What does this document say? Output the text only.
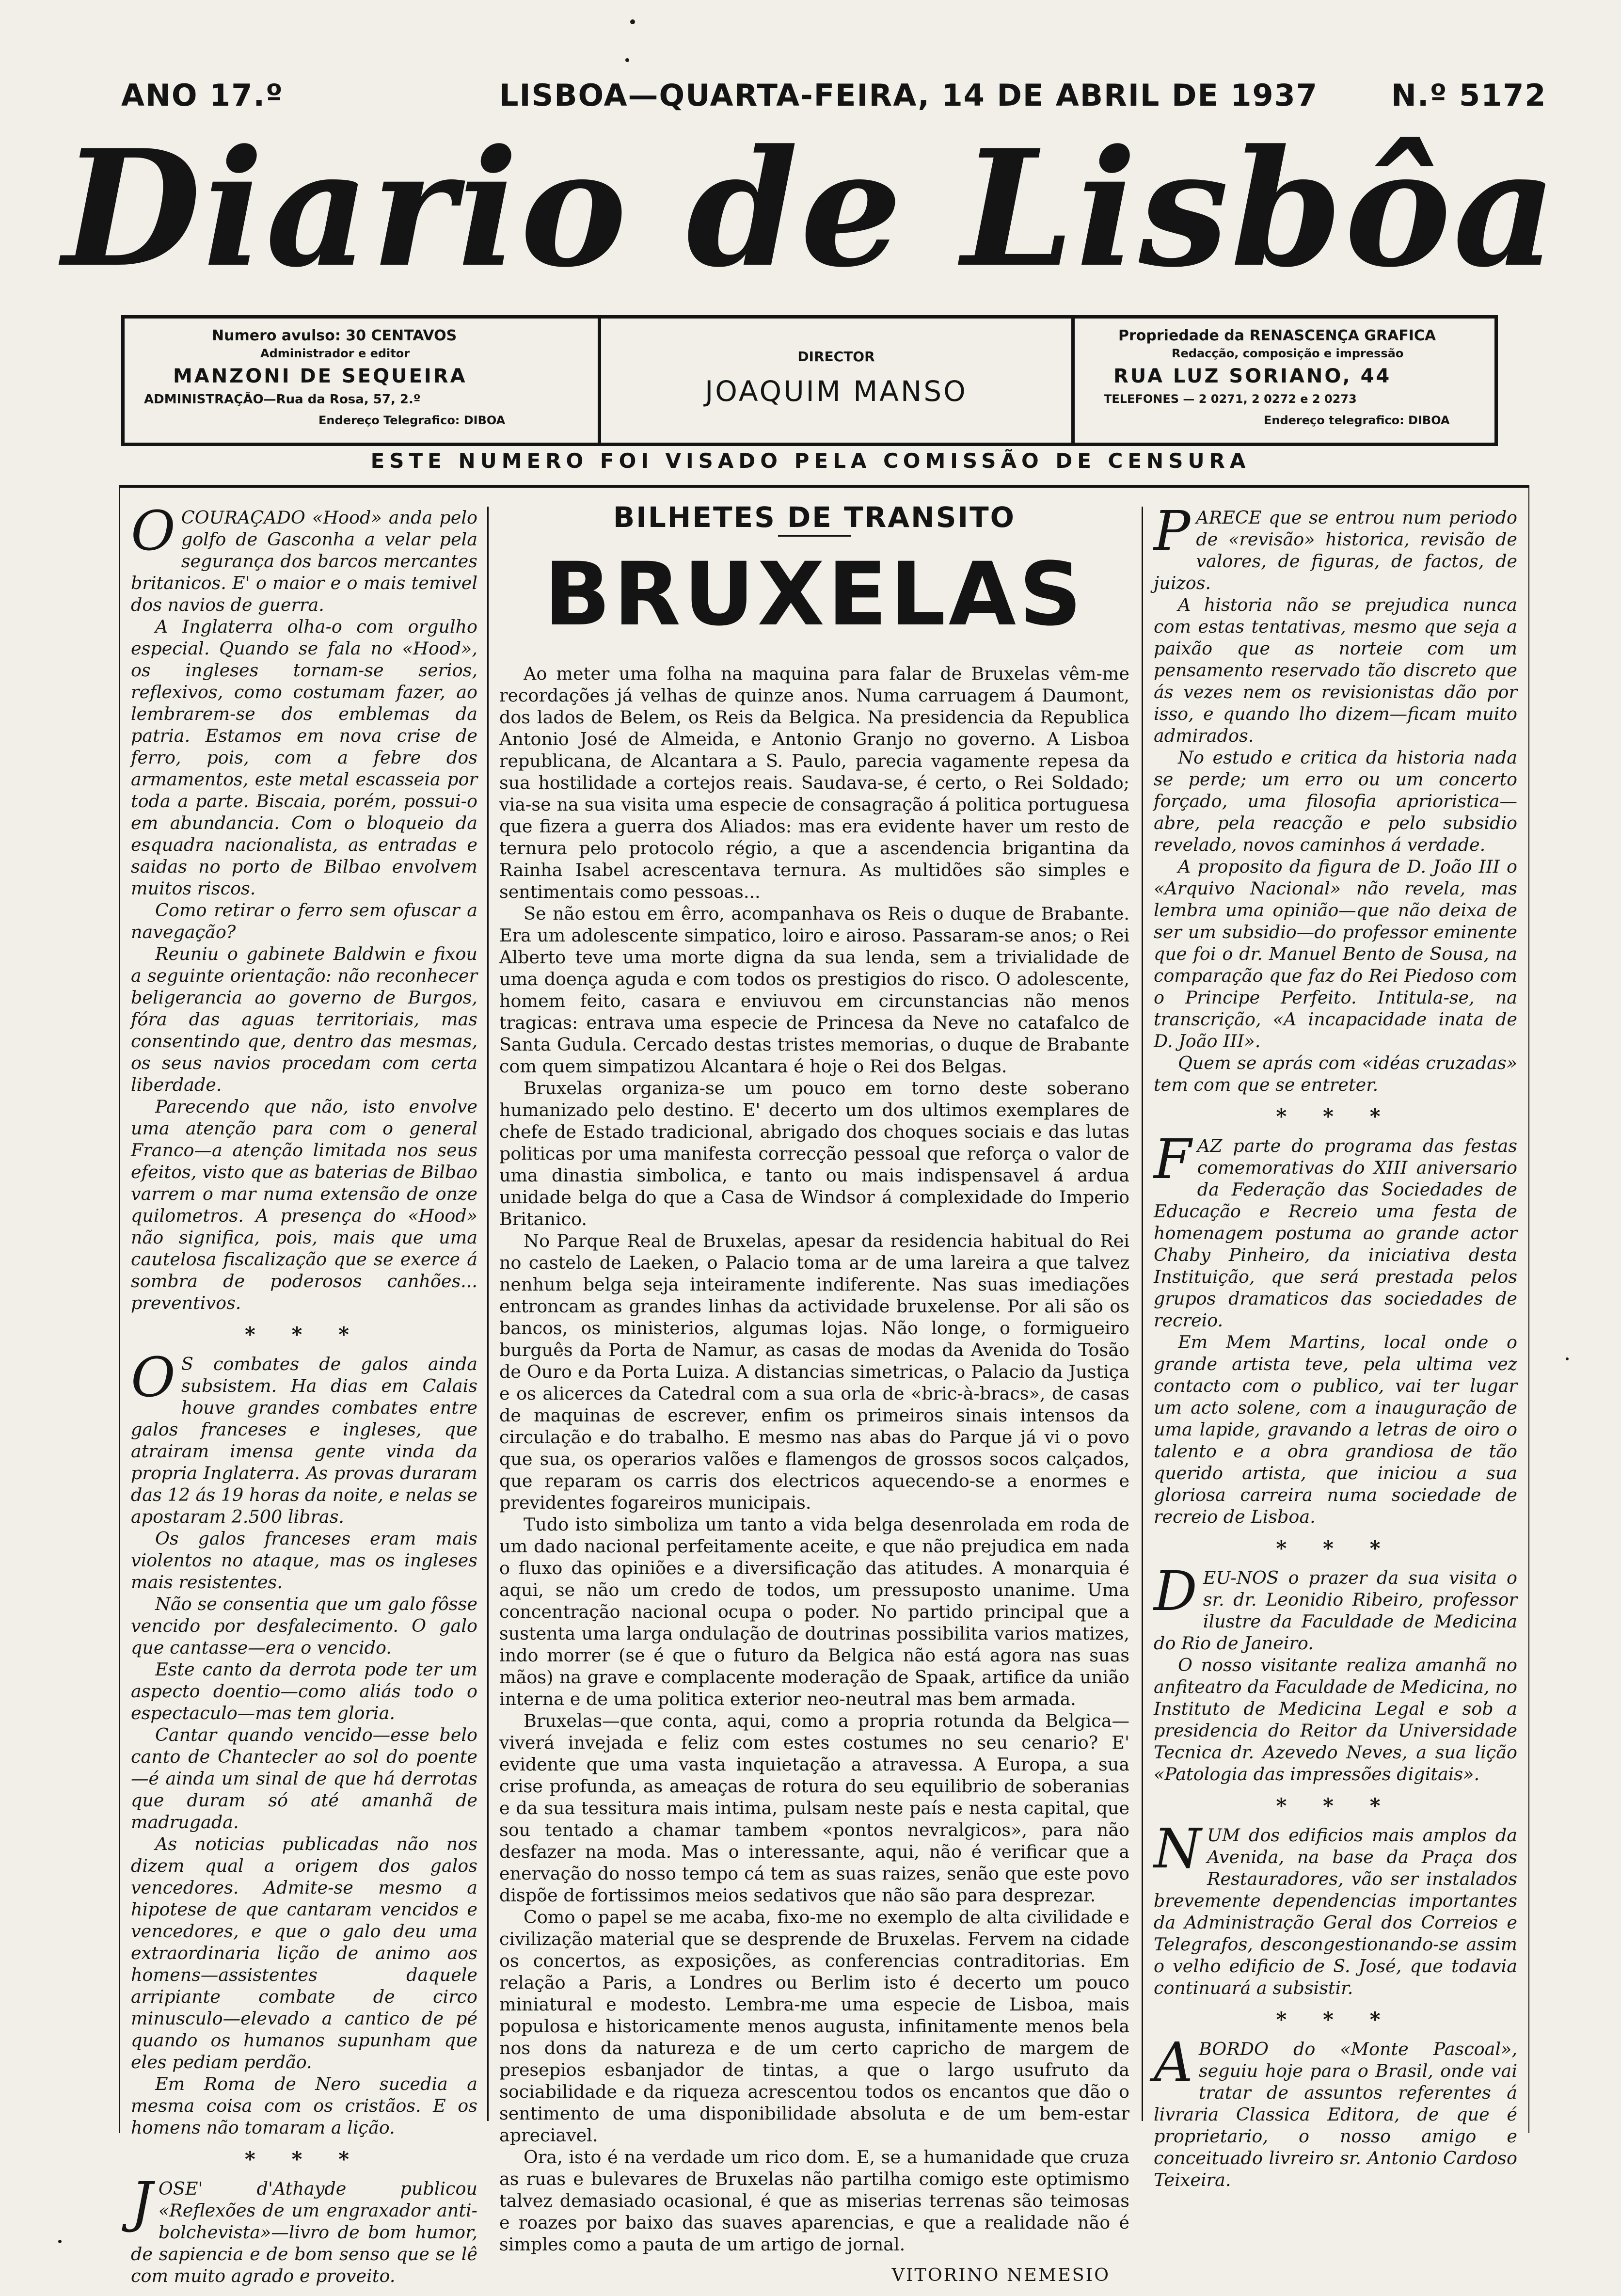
ANO 17.º	LISBOA—QUARTA-FEIRA, 14 DE ABRIL DE 1937 N.º 5172
Diario de Lisbôa
Numero avulso: 30 CENTAVOS
Administrador e editor
MANZONI DE SEQUEIRA
ADMINISTRAÇÃO—Rua da Rosa, 57, 2.º
Endereço Telegrafico: DIBOA
DIRECTOR
JOAQUIM MANSO
Propriedade da RENASCENÇA GRAFICA
Redacção, composição e impressão
RUA LUZ SORIANO, 44
TELEFONES — 2 0271, 2 0272 e 2 0273
Endereço telegrafico: DIBOA
ESTE NUMERO FOI VISADO PELA COMISSÃO DE CENSURA

OCOURAÇADO «Hood» anda pelo golfo de Gasconha a velar pela segurança dos barcos mercantes britanicos. E' o maior e o mais temivel dos navios de guerra.

A Inglaterra olha-o com orgulho especial. Quando se fala no «Hood», os ingleses tornam-se serios, reflexivos, como costumam fazer, ao lembrarem-se dos emblemas da patria. Estamos em nova crise de ferro, pois, com a febre dos armamentos, este metal escasseia por toda a parte. Biscaia, porém, possui-o em abundancia. Com o bloqueio da esquadra nacionalista, as entradas e saidas no porto de Bilbao envolvem muitos riscos.

Como retirar o ferro sem ofuscar a navegação?

Reuniu o gabinete Baldwin e fixou a seguinte orientação: não reconhecer beligerancia ao governo de Burgos, fóra das aguas territoriais, mas consentindo que, dentro das mesmas, os seus navios procedam com certa liberdade.

Parecendo que não, isto envolve uma atenção para com o general Franco—a atenção limitada nos seus efeitos, visto que as baterias de Bilbao varrem o mar numa extensão de onze quilometros. A presença do «Hood» não significa, pois, mais que uma cautelosa fiscalização que se exerce á sombra de poderosos canhões... preventivos.

* * *

O S combates de galos ainda subsistem. Ha dias em Calais houve grandes combates entre galos franceses e ingleses, que atrairam imensa gente vinda da propria Inglaterra. As provas duraram das 12 ás 19 horas da noite, e nelas se apostaram 2.500 libras.

Os galos franceses eram mais violentos no ataque, mas os ingleses mais resistentes.

Não se consentia que um galo fôsse vencido por desfalecimento. O galo que cantasse—era o vencido.

Este canto da derrota pode ter um aspecto doentio—como aliás todo o espectaculo—mas tem gloria.

Cantar quando vencido—esse belo canto de Chantecler ao sol do poente —é ainda um sinal de que há derrotas que duram só até amanhã de madrugada.

As noticias publicadas não nos dizem qual a origem dos galos vencedores. Admite-se mesmo a hipotese de que cantaram vencidos e vencedores, e que o galo deu uma extraordinaria lição de animo aos homens—assistentes daquele arripiante combate de circo minusculo—elevado a cantico de pé quando os humanos supunham que eles pediam perdão.

Em Roma de Nero sucedia a mesma coisa com os cristãos. E os homens não tomaram a lição.

* * *

JOSE' d'Athayde publicou «Reflexões de um engraxador anti-bolchevista»—livro de bom humor, de sapiencia e de bom senso que se lê com muito agrado e proveito.

BILHETES DE TRANSITO
BRUXELAS

Ao meter uma folha na maquina para falar de Bruxelas vêm-me recordações já velhas de quinze anos. Numa carruagem á Daumont, dos lados de Belem, os Reis da Belgica. Na presidencia da Republica Antonio José de Almeida, e Antonio Granjo no governo. A Lisboa republicana, de Alcantara a S. Paulo, parecia vagamente repesa da sua hostilidade a cortejos reais. Saudava-se, é certo, o Rei Soldado; via-se na sua visita uma especie de consagração á politica portuguesa que fizera a guerra dos Aliados: mas era evidente haver um resto de ternura pelo protocolo régio, a que a ascendencia brigantina da Rainha Isabel acrescentava ternura. As multidões são simples e sentimentais como pessoas...

Se não estou em êrro, acompanhava os Reis o duque de Brabante. Era um adolescente simpatico, loiro e airoso. Passaram-se anos; o Rei Alberto teve uma morte digna da sua lenda, sem a trivialidade de uma doença aguda e com todos os prestigios do risco. O adolescente, homem feito, casara e enviuvou em circunstancias não menos tragicas: entrava uma especie de Princesa da Neve no catafalco de Santa Gudula. Cercado destas tristes memorias, o duque de Brabante com quem simpatizou Alcantara é hoje o Rei dos Belgas.

Bruxelas organiza-se um pouco em torno deste soberano humanizado pelo destino. E' decerto um dos ultimos exemplares de chefe de Estado tradicional, abrigado dos choques sociais e das lutas politicas por uma manifesta correcção pessoal que reforça o valor de uma dinastia simbolica, e tanto ou mais indispensavel á ardua unidade belga do que a Casa de Windsor á complexidade do Imperio Britanico.

No Parque Real de Bruxelas, apesar da residencia habitual do Rei no castelo de Laeken, o Palacio toma ar de uma lareira a que talvez nenhum belga seja inteiramente indiferente. Nas suas imediações entroncam as grandes linhas da actividade bruxelense. Por ali são os bancos, os ministerios, algumas lojas. Não longe, o formigueiro burguês da Porta de Namur, as casas de modas da Avenida do Tosão de Ouro e da Porta Luiza. A distancias simetricas, o Palacio da Justiça e os alicerces da Catedral com a sua orla de «bric-à-bracs», de casas de maquinas de escrever, enfim os primeiros sinais intensos da circulação e do trabalho. E mesmo nas abas do Parque já vi o povo que sua, os operarios valões e flamengos de grossos socos calçados, que reparam os carris dos electricos aquecendo-se a enormes e previdentes fogareiros municipais.

Tudo isto simboliza um tanto a vida belga desenrolada em roda de um dado nacional perfeitamente aceite, e que não prejudica em nada o fluxo das opiniões e a diversificação das atitudes. A monarquia é aqui, se não um credo de todos, um pressuposto unanime. Uma concentração nacional ocupa o poder. No partido principal que a sustenta uma larga ondulação de doutrinas possibilita varios matizes, indo morrer (se é que o futuro da Belgica não está agora nas suas mãos) na grave e complacente moderação de Spaak, artifice da união interna e de uma politica exterior neo-neutral mas bem armada.

Bruxelas—que conta, aqui, como a propria rotunda da Belgica—viverá invejada e feliz com estes costumes no seu cenario? E' evidente que uma vasta inquietação a atravessa. A Europa, a sua crise profunda, as ameaças de rotura do seu equilibrio de soberanias e da sua tessitura mais intima, pulsam neste país e nesta capital, que sou tentado a chamar tambem «pontos nevralgicos», para não desfazer na moda. Mas o interessante, aqui, não é verificar que a enervação do nosso tempo cá tem as suas raizes, senão que este povo dispõe de fortissimos meios sedativos que não são para desprezar.

Como o papel se me acaba, fixo-me no exemplo de alta civilidade e civilização material que se desprende de Bruxelas. Fervem na cidade os concertos, as exposições, as conferencias contraditorias. Em relação a Paris, a Londres ou Berlim isto é decerto um pouco miniatural e modesto. Lembra-me uma especie de Lisboa, mais populosa e historicamente menos augusta, infinitamente menos bela nos dons da natureza e de um certo capricho de margem de presepios esbanjador de tintas, a que o largo usufruto da sociabilidade e da riqueza acrescentou todos os encantos que dão o sentimento de uma disponibilidade absoluta e de um bem-estar apreciavel.

Ora, isto é na verdade um rico dom. E, se a humanidade que cruza as ruas e bulevares de Bruxelas não partilha comigo este optimismo talvez demasiado ocasional, é que as miserias terrenas são teimosas e roazes por baixo das suaves aparencias, e que a realidade não é simples como a pauta de um artigo de jornal.

VITORINO NEMESIO

PARECE que se entrou num periodo de «revisão» historica, revisão de valores, de figuras, de factos, de juizos.

A historia não se prejudica nunca com estas tentativas, mesmo que seja a paixão que as norteie com um pensamento reservado tão discreto que ás vezes nem os revisionistas dão por isso, e quando lho dizem—ficam muito admirados.

No estudo e critica da historia nada se perde; um erro ou um concerto forçado, uma filosofia aprioristica—abre, pela reacção e pelo subsidio revelado, novos caminhos á verdade.

A proposito da figura de D. João III o «Arquivo Nacional» não revela, mas lembra uma opinião—que não deixa de ser um subsidio—do professor eminente que foi o dr. Manuel Bento de Sousa, na comparação que faz do Rei Piedoso com o Principe Perfeito. Intitula-se, na transcrição, «A incapacidade inata de D. João III».

Quem se aprás com «idéas cruzadas» tem com que se entreter.

* * *

FAZ parte do programa das festas comemorativas do XIII aniversario da Federação das Sociedades de Educação e Recreio uma festa de homenagem postuma ao grande actor Chaby Pinheiro, da iniciativa desta Instituição, que será prestada pelos grupos dramaticos das sociedades de recreio.

Em Mem Martins, local onde o grande artista teve, pela ultima vez contacto com o publico, vai ter lugar um acto solene, com a inauguração de uma lapide, gravando a letras de oiro o talento e a obra grandiosa de tão querido artista, que iniciou a sua gloriosa carreira numa sociedade de recreio de Lisboa.

* * *

DEU-NOS o prazer da sua visita o sr. dr. Leonidio Ribeiro, professor ilustre da Faculdade de Medicina do Rio de Janeiro.

O nosso visitante realiza amanhã no anfiteatro da Faculdade de Medicina, no Instituto de Medicina Legal e sob a presidencia do Reitor da Universidade Tecnica dr. Azevedo Neves, a sua lição «Patologia das impressões digitais».

* * *

NUM dos edificios mais amplos da Avenida, na base da Praça dos Restauradores, vão ser instalados brevemente dependencias importantes da Administração Geral dos Correios e Telegrafos, descongestionando-se assim o velho edificio de S. José, que todavia continuará a subsistir.

* * *

ABORDO do «Monte Pascoal», seguiu hoje para o Brasil, onde vai tratar de assuntos referentes á livraria Classica Editora, de que é proprietario, o nosso amigo e conceituado livreiro sr. Antonio Cardoso Teixeira.
